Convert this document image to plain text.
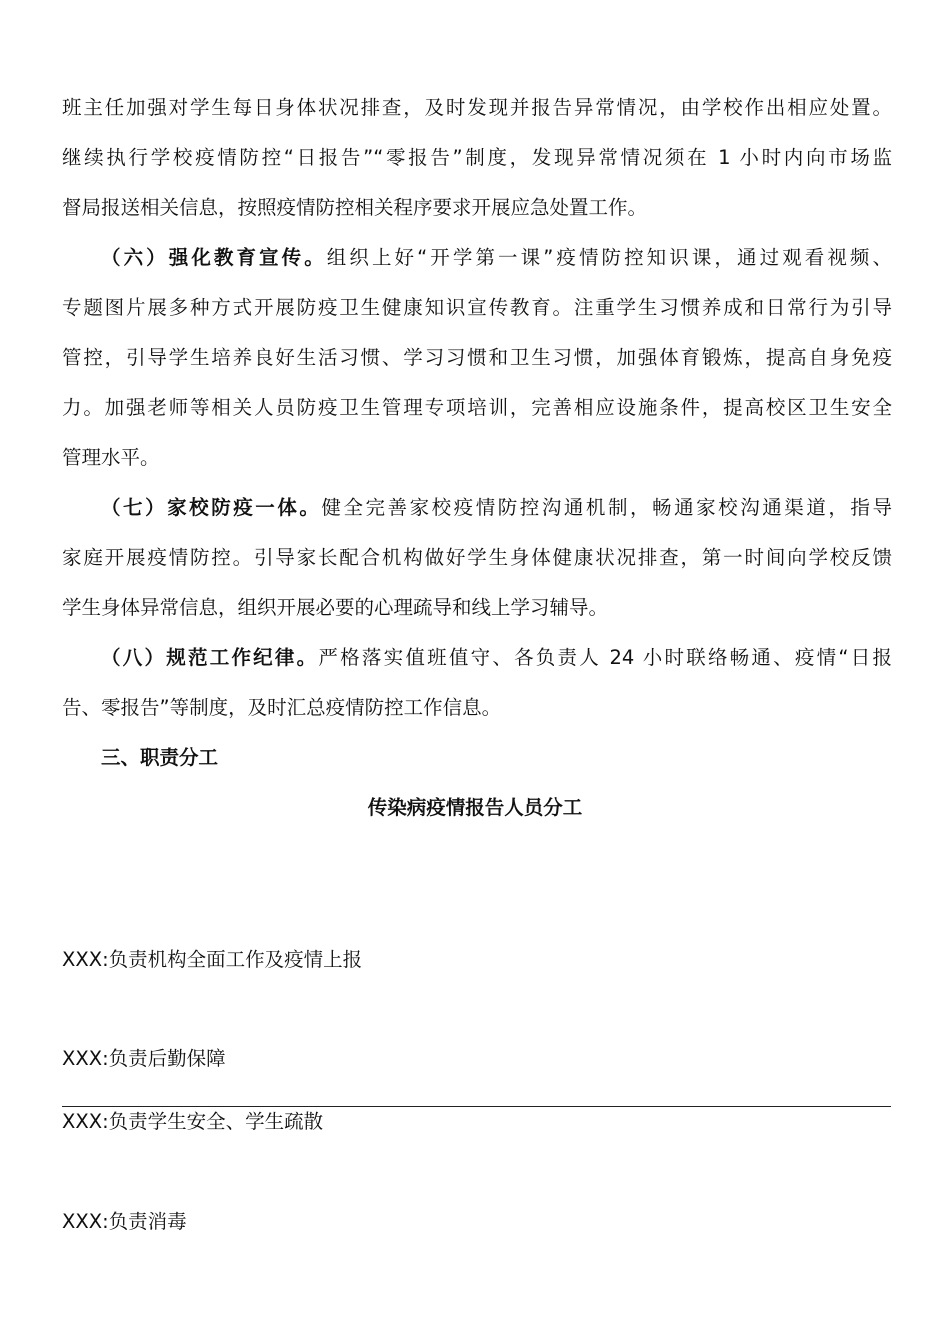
班主任加强对学生每日身体状况排查，及时发现并报告异常情况，由学校作出相应处置。
继续执行学校疫情防控“日报告”“零报告”制度，发现异常情况须在 1 小时内向市场监
督局报送相关信息，按照疫情防控相关程序要求开展应急处置工作。
（六）强化教育宣传。组织上好“开学第一课”疫情防控知识课，通过观看视频、
专题图片展多种方式开展防疫卫生健康知识宣传教育。注重学生习惯养成和日常行为引导
管控，引导学生培养良好生活习惯、学习习惯和卫生习惯，加强体育锻炼，提高自身免疫
力。加强老师等相关人员防疫卫生管理专项培训，完善相应设施条件，提高校区卫生安全
管理水平。
（七）家校防疫一体。健全完善家校疫情防控沟通机制，畅通家校沟通渠道，指导
家庭开展疫情防控。引导家长配合机构做好学生身体健康状况排查，第一时间向学校反馈
学生身体异常信息，组织开展必要的心理疏导和线上学习辅导。
（八）规范工作纪律。严格落实值班值守、各负责人 24 小时联络畅通、疫情“日报
告、零报告”等制度，及时汇总疫情防控工作信息。
三、职责分工
传染病疫情报告人员分工
XXX:负责机构全面工作及疫情上报
XXX:负责后勤保障
XXX:负责学生安全、学生疏散
XXX:负责消毒
